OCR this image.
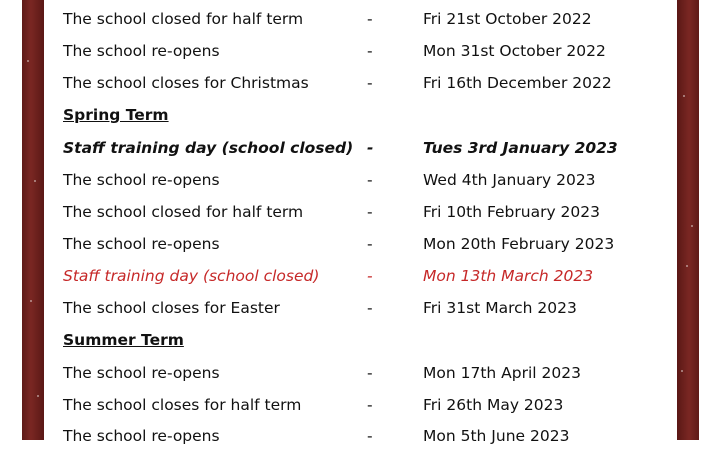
The school closed for half term	-	Fri 21st October 2022
The school re-opens	-	Mon 31st October 2022
The school closes for Christmas	-	Fri 16th December 2022
Spring Term
Staff training day (school closed) -	Tues 3rd January 2023
The school re-opens	-	Wed 4th January 2023
The school closed for half term	-	Fri 10th February 2023
The school re-opens	-	Mon 20th February 2023
Staff training day (school closed)	-	Mon 13th March 2023
The school closes for Easter	-	Fri 31st March 2023
Summer Term
The school re-opens	-	Mon 17th April 2023
The school closes for half term	-	Fri 26th May 2023
The school re-opens	-	Mon 5th June 2023
